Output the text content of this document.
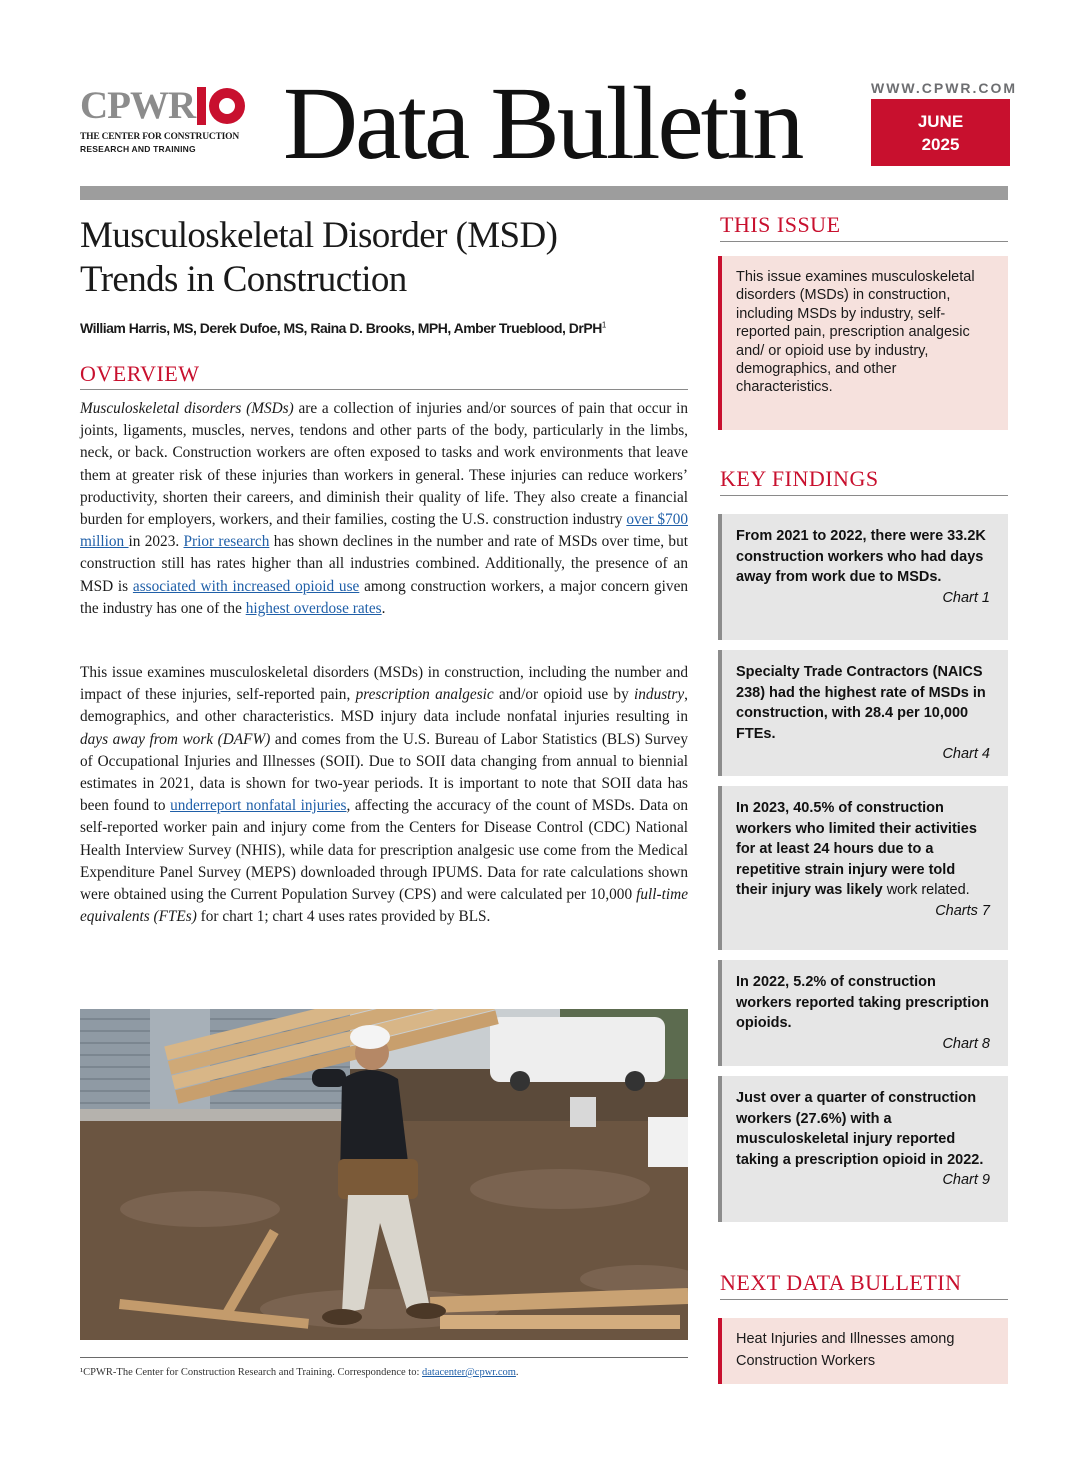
CPWR
THE CENTER FOR CONSTRUCTION
RESEARCH AND TRAINING Data Bulletin	WWW.CPWR.COM
JUNE
2025
Musculoskeletal Disorder (MSD)
Trends in Construction
William Harris, MS, Derek Dufoe, MS, Raina D. Brooks, MPH, Amber Trueblood, DrPH$^1$
OVERVIEW

Musculoskeletal disorders (MSDs) are a collection of injuries and/or sources of pain that occur in joints, ligaments, muscles, nerves, tendons and other parts of the body, particularly in the limbs, neck, or back. Construction workers are often exposed to tasks and work environments that leave them at greater risk of these injuries than workers in general. These injuries can reduce workers’ productivity, shorten their careers, and diminish their quality of life. They also create a financial burden for employers, workers, and their families, costing the U.S. construction industry over $700 million in 2023. Prior research has shown declines in the number and rate of MSDs over time, but construction still has rates higher than all industries combined. Additionally, the presence of an MSD is associated with increased opioid use among construction workers, a major concern given the industry has one of the highest overdose rates.

This issue examines musculoskeletal disorders (MSDs) in construction, including the number and impact of these injuries, self-reported pain, prescription analgesic and/or opioid use by industry, demographics, and other characteristics. MSD injury data include nonfatal injuries resulting in days away from work (DAFW) and comes from the U.S. Bureau of Labor Statistics (BLS) Survey of Occupational Injuries and Illnesses (SOII). Due to SOII data changing from annual to biennial estimates in 2021, data is shown for two-year periods. It is important to note that SOII data has been found to underreport nonfatal injuries, affecting the accuracy of the count of MSDs. Data on self-reported worker pain and injury come from the Centers for Disease Control (CDC) National Health Interview Survey (NHIS), while data for prescription analgesic use come from the Medical Expenditure Panel Survey (MEPS) downloaded through IPUMS. Data for rate calculations shown were obtained using the Current Population Survey (CPS) and were calculated per 10,000 full-time equivalents (FTEs) for chart 1; chart 4 uses rates provided by BLS.

¹CPWR-The Center for Construction Research and Training. Correspondence to: datacenter@cpwr.com.
THIS ISSUE
This issue examines musculoskeletal disorders (MSDs) in construction, including MSDs by industry, self-reported pain, prescription analgesic and/ or opioid use by industry, demographics, and other characteristics.
KEY FINDINGS
From 2021 to 2022, there were 33.2K construction workers who had days away from work due to MSDs.
Chart 1
Specialty Trade Contractors (NAICS 238) had the highest rate of MSDs in construction, with 28.4 per 10,000 FTEs.
Chart 4
In 2023, 40.5% of construction workers who limited their activities for at least 24 hours due to a repetitive strain injury were told their injury was likely work related.
Charts 7
In 2022, 5.2% of construction workers reported taking prescription opioids.
Chart 8
Just over a quarter of construction workers (27.6%) with a musculoskeletal injury reported taking a prescription opioid in 2022.
Chart 9
NEXT DATA BULLETIN
Heat Injuries and Illnesses among Construction Workers
